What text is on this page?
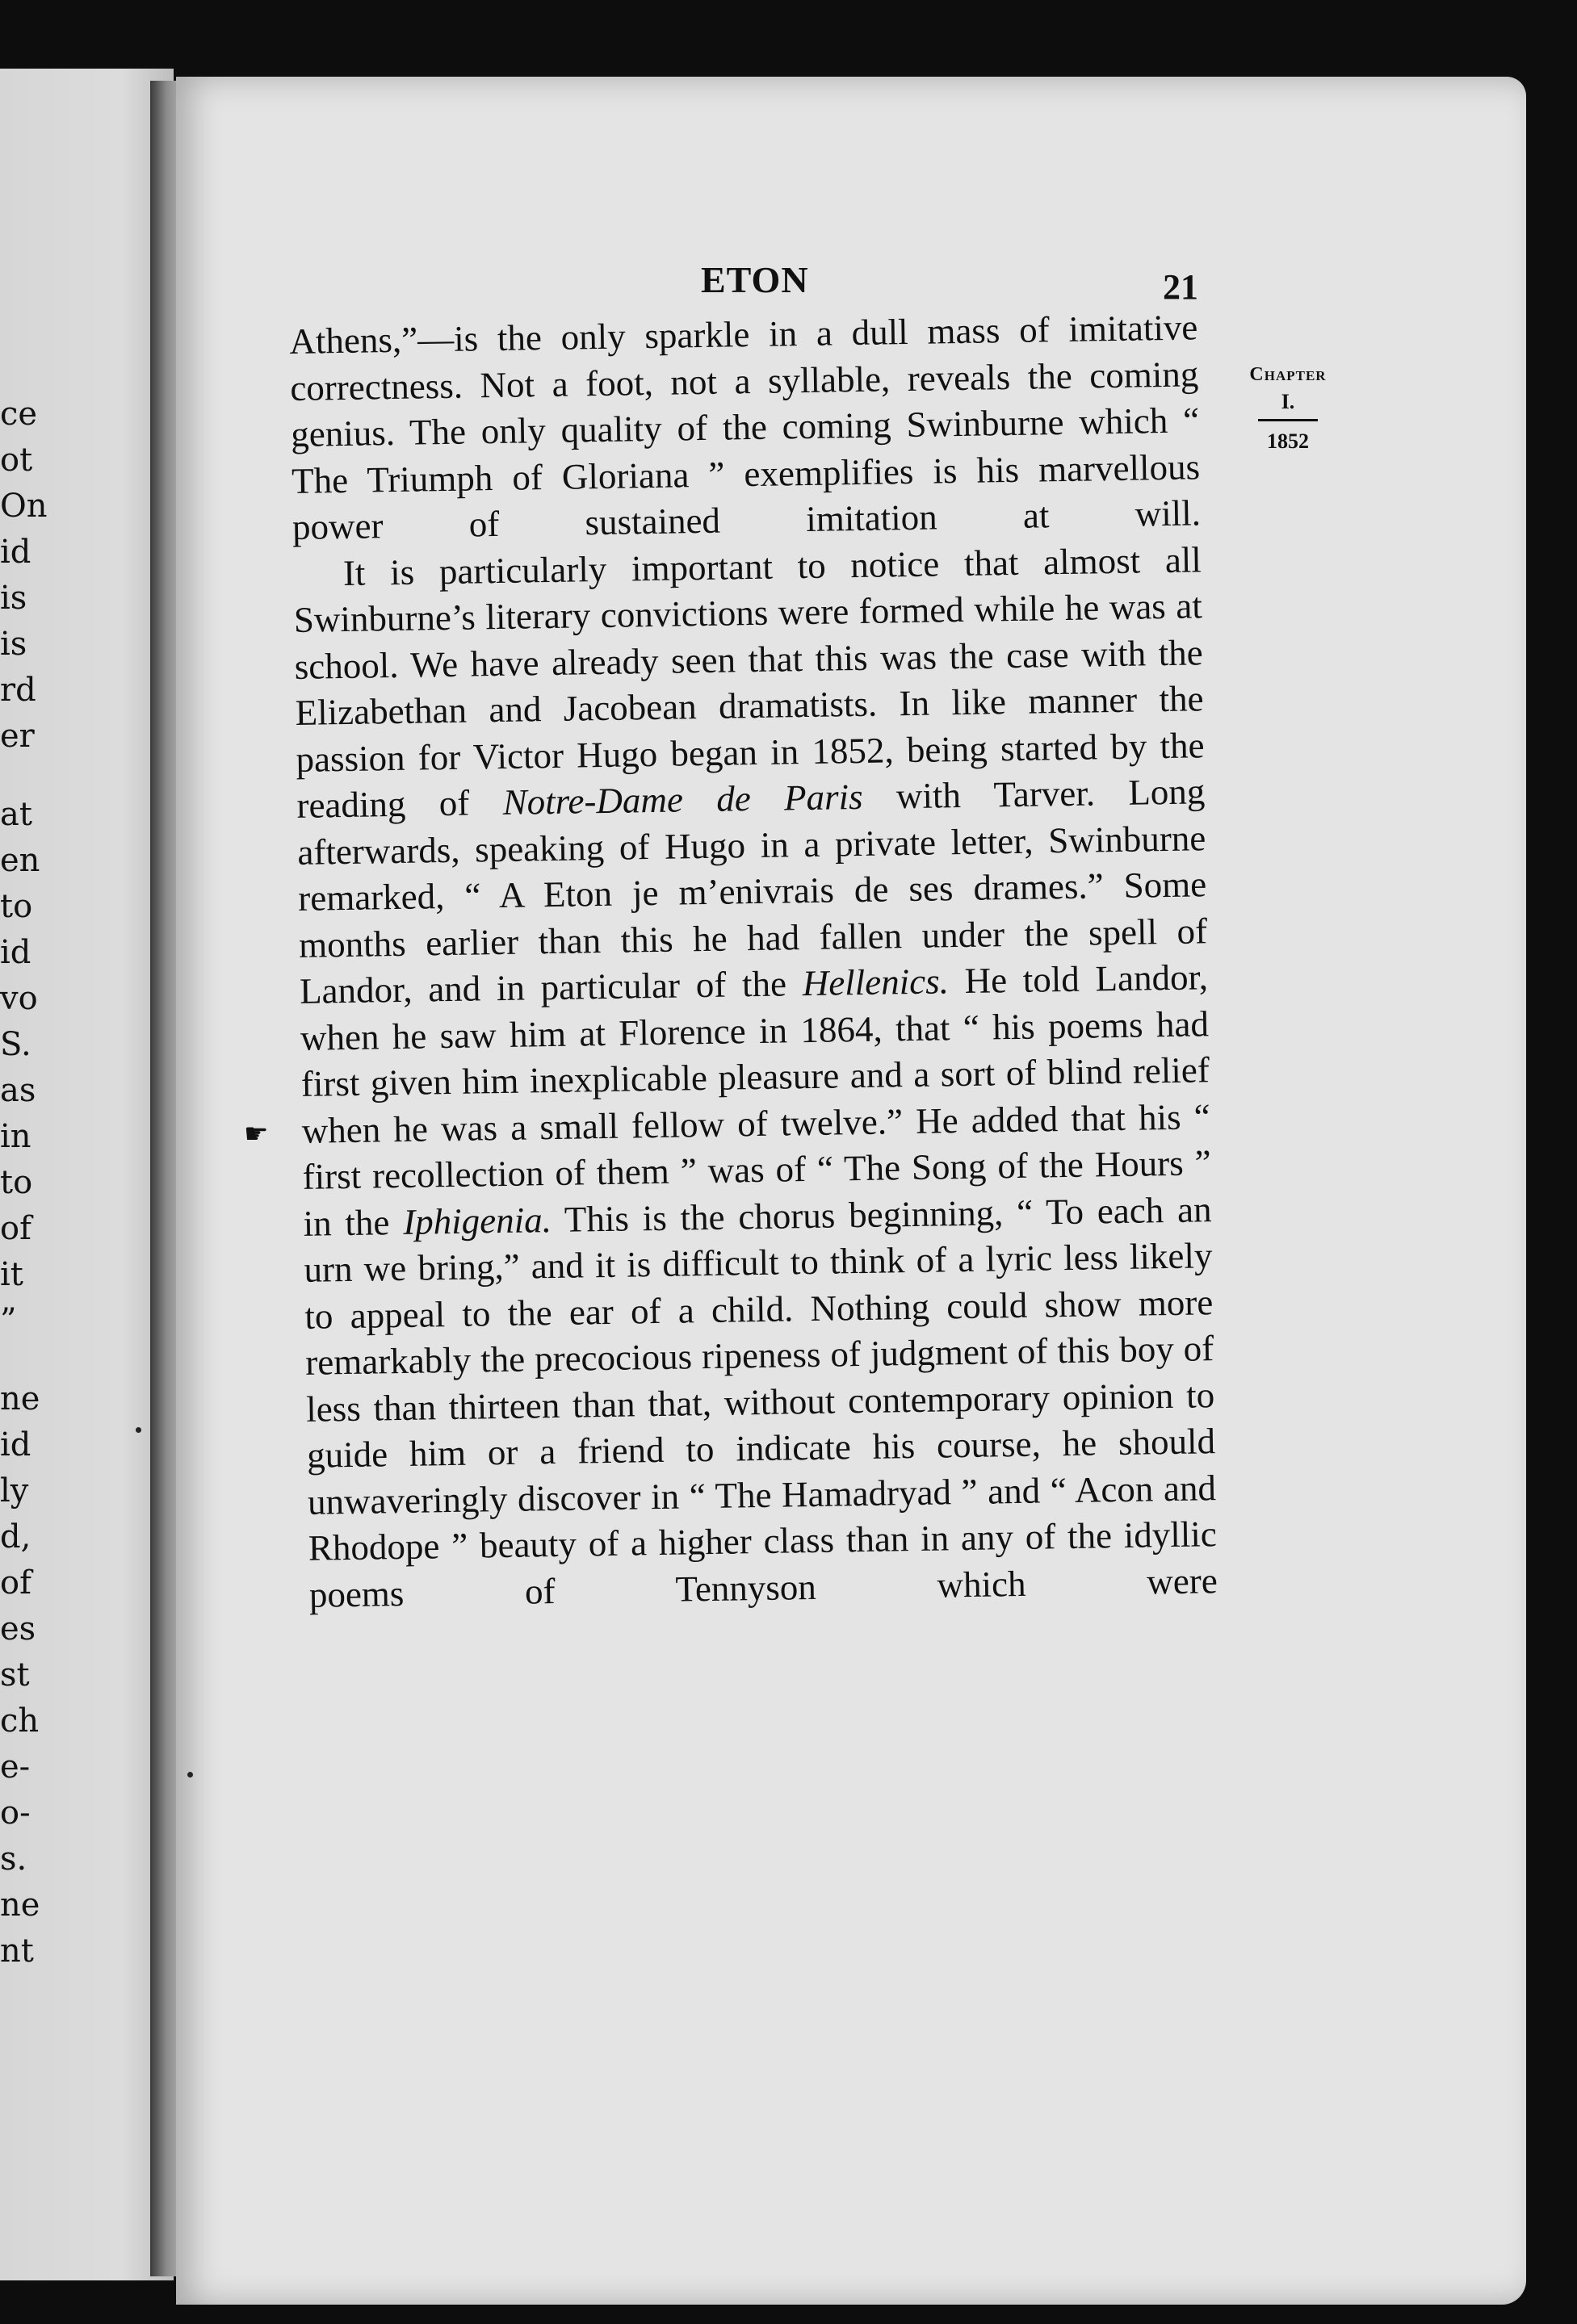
ce
ot
On
id
is
is
rd
er
at
en
to
id
vo
S.
as
in
to
of
it
”
ne
id
ly
d,
of
es
st
ch
e-
o-
s.
ne
nt
ETON	21
Chapter
I.
1852
☛

Athens,”—is the only sparkle in a dull mass of imitative correctness. Not a foot, not a syllable, reveals the coming genius. The only quality of the coming Swinburne which “ The Triumph of Gloriana ” exemplifies is his marvellous power of sustained imitation at will.

It is particularly important to notice that almost all Swinburne’s literary convictions were formed while he was at school. We have already seen that this was the case with the Elizabethan and Jacobean dramatists. In like manner the passion for Victor Hugo began in 1852, being started by the reading of Notre-Dame de Paris with Tarver. Long afterwards, speaking of Hugo in a private letter, Swinburne remarked, “ A Eton je m’enivrais de ses drames.” Some months earlier than this he had fallen under the spell of Landor, and in particular of the Hellenics. He told Landor, when he saw him at Florence in 1864, that “ his poems had first given him inexplicable pleasure and a sort of blind relief when he was a small fellow of twelve.” He added that his “ first recollection of them ” was of “ The Song of the Hours ” in the Iphigenia. This is the chorus beginning, “ To each an urn we bring,” and it is difficult to think of a lyric less likely to appeal to the ear of a child. Nothing could show more remarkably the precocious ripeness of judgment of this boy of less than thirteen than that, without contemporary opinion to guide him or a friend to indicate his course, he should unwaveringly discover in “ The Hamadryad ” and “ Acon and Rhodope ” beauty of a higher class than in any of the idyllic poems of Tennyson which were
